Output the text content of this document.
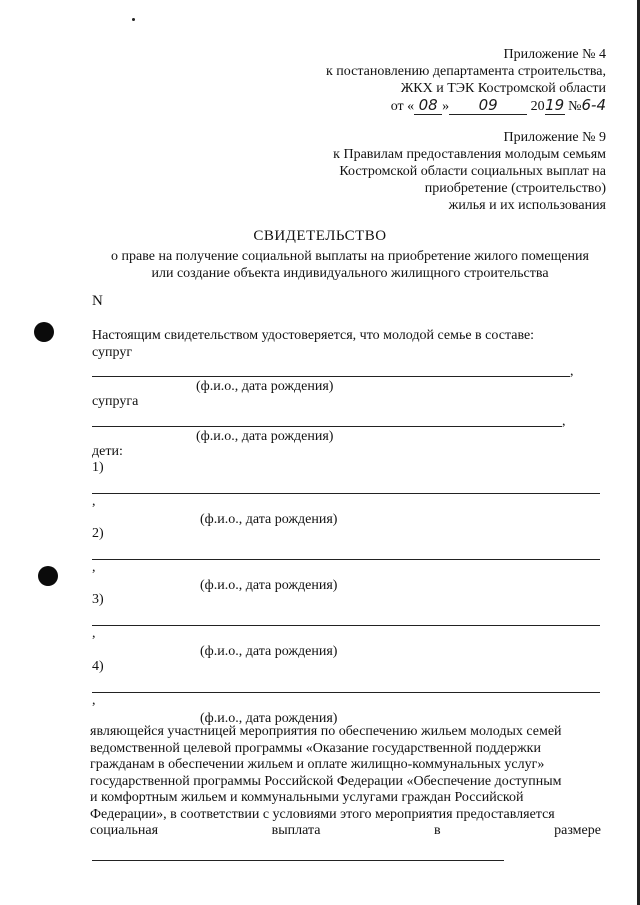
Приложение № 4
к постановлению департамента строительства,
ЖКХ и ТЭК Костромской области
от « 08 » 09 2019 №6-4
Приложение № 9
к Правилам предоставления молодым семьям
Костромской области социальных выплат на
приобретение (строительство)
жилья и их использования
СВИДЕТЕЛЬСТВО
о праве на получение социальной выплаты на приобретение жилого помещения
или создание объекта индивидуального жилищного строительства
N
Настоящим свидетельством удостоверяется, что молодой семье в составе:
супруг
,
(ф.и.о., дата рождения)
супруга
,
(ф.и.о., дата рождения)
дети:
1)
,
(ф.и.о., дата рождения)
2)
,
(ф.и.о., дата рождения)
3)
,
(ф.и.о., дата рождения)
4)
,
(ф.и.о., дата рождения)
являющейся участницей мероприятия по обеспечению жильем молодых семей
ведомственной целевой программы «Оказание государственной поддержки
гражданам в обеспечении жильем и оплате жилищно-коммунальных услуг»
государственной программы Российской Федерации «Обеспечение доступным
и комфортным жильем и коммунальными услугами граждан Российской
Федерации», в соответствии с условиями этого мероприятия предоставляется
социальная	выплата	в	размере
